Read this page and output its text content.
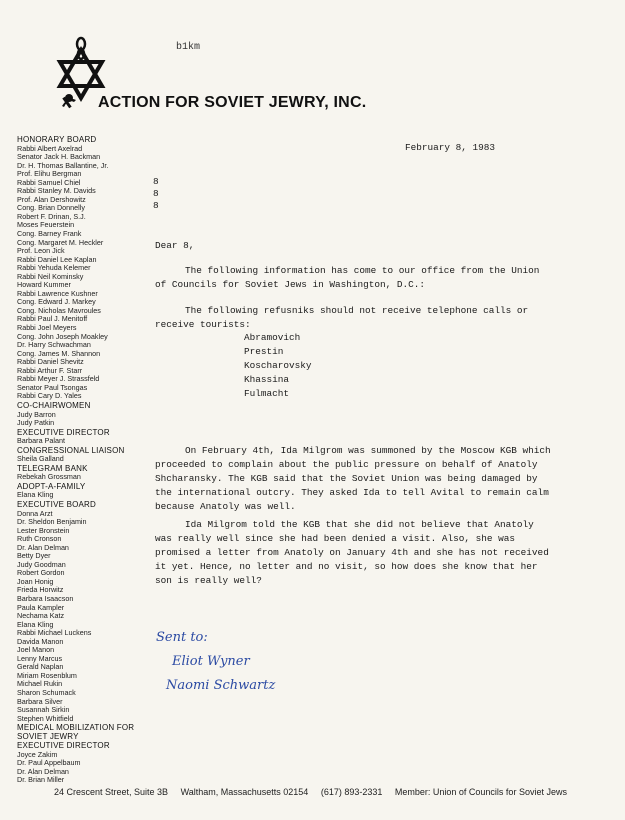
b1km
ACTION FOR SOVIET JEWRY, INC.
HONORARY BOARD
Rabbi Albert Axelrad
Senator Jack H. Backman
Dr. H. Thomas Ballantine, Jr.
Prof. Elihu Bergman
Rabbi Samuel Chiel
Rabbi Stanley M. Davids
Prof. Alan Dershowitz
Cong. Brian Donnelly
Robert F. Drinan, S.J.
Moses Feuerstein
Cong. Barney Frank
Cong. Margaret M. Heckler
Prof. Leon Jick
Rabbi Daniel Lee Kaplan
Rabbi Yehuda Kelemer
Rabbi Neil Kominsky
Howard Kummer
Rabbi Lawrence Kushner
Cong. Edward J. Markey
Cong. Nicholas Mavroules
Rabbi Paul J. Menitoff
Rabbi Joel Meyers
Cong. John Joseph Moakley
Dr. Harry Schwachman
Cong. James M. Shannon
Rabbi Daniel Shevitz
Rabbi Arthur F. Starr
Rabbi Meyer J. Strassfeld
Senator Paul Tsongas
Rabbi Cary D. Yales
CO-CHAIRWOMEN
Judy Barron
Judy Patkin
EXECUTIVE DIRECTOR
Barbara Palant
CONGRESSIONAL LIAISON
Sheila Galland
TELEGRAM BANK
Rebekah Grossman
ADOPT-A-FAMILY
Elana Kling
EXECUTIVE BOARD
Donna Arzt
Dr. Sheldon Benjamin
Lester Bronstein
Ruth Cronson
Dr. Alan Delman
Betty Dyer
Judy Goodman
Robert Gordon
Joan Honig
Frieda Horwitz
Barbara Isaacson
Paula Kampler
Nechama Katz
Elana Kling
Rabbi Michael Luckens
Davida Manon
Joel Manon
Lenny Marcus
Gerald Naplan
Miriam Rosenblum
Michael Rukin
Sharon Schumack
Barbara Silver
Susannah Sirkin
Stephen Whitfield
MEDICAL MOBILIZATION FOR SOVIET JEWRY
EXECUTIVE DIRECTOR
Joyce Zakim
Dr. Paul Appelbaum
Dr. Alan Delman
Dr. Brian Miller
February 8, 1983
8
8
8
Dear 8,
The following information has come to our office from the Union of Councils for Soviet Jews in Washington, D.C.:
The following refusniks should not receive telephone calls or receive tourists:
Abramovich
Prestin
Koscharovsky
Khassina
Fulmacht
On February 4th, Ida Milgrom was summoned by the Moscow KGB which proceeded to complain about the public pressure on behalf of Anatoly Shcharansky. The KGB said that the Soviet Union was being damaged by the international outcry. They asked Ida to tell Avital to remain calm because Anatoly was well.
Ida Milgrom told the KGB that she did not believe that Anatoly was really well since she had been denied a visit. Also, she was promised a letter from Anatoly on January 4th and she has not received it yet. Hence, no letter and no visit, so how does she know that her son is really well?
Sent to:
Eliot Wyner
Naomi Schwartz
24 Crescent Street, Suite 3B Waltham, Massachusetts 02154 (617) 893-2331 Member: Union of Councils for Soviet Jews
